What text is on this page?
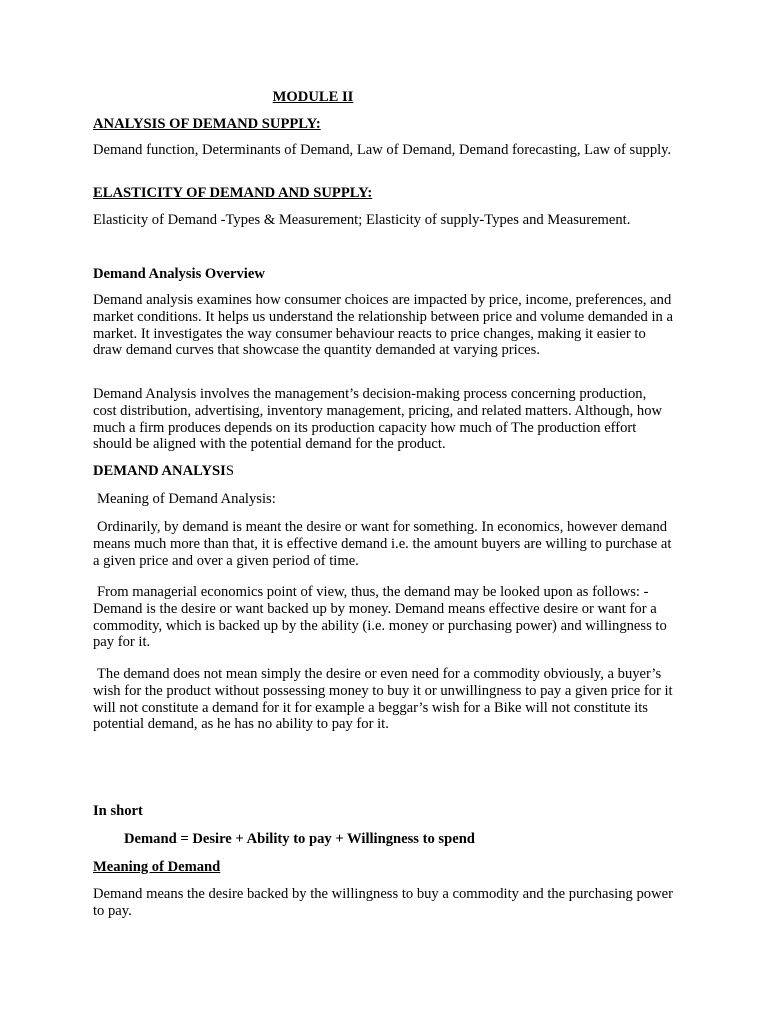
MODULE II

ANALYSIS OF DEMAND SUPPLY:

Demand function, Determinants of Demand, Law of Demand, Demand forecasting, Law of supply.

ELASTICITY OF DEMAND AND SUPPLY:

Elasticity of Demand -Types & Measurement; Elasticity of supply-Types and Measurement.

Demand Analysis Overview

Demand analysis examines how consumer choices are impacted by price, income, preferences, and market conditions. It helps us understand the relationship between price and volume demanded in a market. It investigates the way consumer behaviour reacts to price changes, making it easier to draw demand curves that showcase the quantity demanded at varying prices.

Demand Analysis involves the management’s decision-making process concerning production, cost distribution, advertising, inventory management, pricing, and related matters. Although, how much a firm produces depends on its production capacity how much of The production effort should be aligned with the potential demand for the product.

DEMAND ANALYSIS

Meaning of Demand Analysis:

Ordinarily, by demand is meant the desire or want for something. In economics, however demand means much more than that, it is effective demand i.e. the amount buyers are willing to purchase at a given price and over a given period of time.

From managerial economics point of view, thus, the demand may be looked upon as follows: - Demand is the desire or want backed up by money. Demand means effective desire or want for a commodity, which is backed up by the ability (i.e. money or purchasing power) and willingness to pay for it.

The demand does not mean simply the desire or even need for a commodity obviously, a buyer’s wish for the product without possessing money to buy it or unwillingness to pay a given price for it will not constitute a demand for it for example a beggar’s wish for a Bike will not constitute its potential demand, as he has no ability to pay for it.

In short

Demand = Desire + Ability to pay + Willingness to spend

Meaning of Demand

Demand means the desire backed by the willingness to buy a commodity and the purchasing power to pay.
